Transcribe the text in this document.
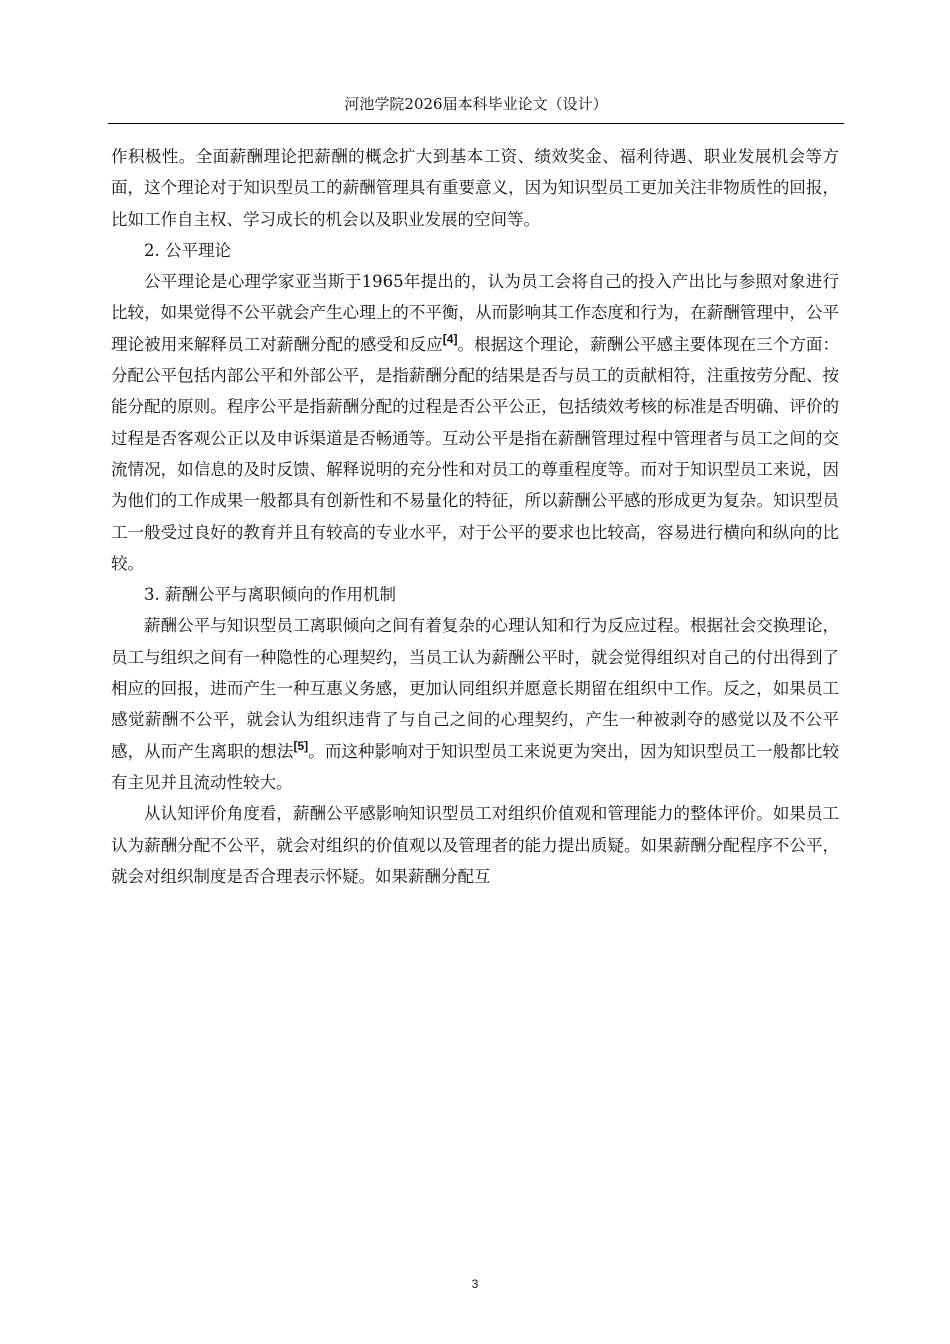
河池学院2026届本科毕业论文（设计）

作积极性。全面薪酬理论把薪酬的概念扩大到基本工资、绩效奖金、福利待遇、职业发展机会等方面，这个理论对于知识型员工的薪酬管理具有重要意义，因为知识型员工更加关注非物质性的回报，比如工作自主权、学习成长的机会以及职业发展的空间等。

2. 公平理论

公平理论是心理学家亚当斯于1965年提出的，认为员工会将自己的投入产出比与参照对象进行比较，如果觉得不公平就会产生心理上的不平衡，从而影响其工作态度和行为，在薪酬管理中，公平理论被用来解释员工对薪酬分配的感受和反应[4]。根据这个理论，薪酬公平感主要体现在三个方面：分配公平包括内部公平和外部公平，是指薪酬分配的结果是否与员工的贡献相符，注重按劳分配、按能分配的原则。程序公平是指薪酬分配的过程是否公平公正，包括绩效考核的标准是否明确、评价的过程是否客观公正以及申诉渠道是否畅通等。互动公平是指在薪酬管理过程中管理者与员工之间的交流情况，如信息的及时反馈、解释说明的充分性和对员工的尊重程度等。而对于知识型员工来说，因为他们的工作成果一般都具有创新性和不易量化的特征，所以薪酬公平感的形成更为复杂。知识型员工一般受过良好的教育并且有较高的专业水平，对于公平的要求也比较高，容易进行横向和纵向的比较。

3. 薪酬公平与离职倾向的作用机制

薪酬公平与知识型员工离职倾向之间有着复杂的心理认知和行为反应过程。根据社会交换理论，员工与组织之间有一种隐性的心理契约，当员工认为薪酬公平时，就会觉得组织对自己的付出得到了相应的回报，进而产生一种互惠义务感，更加认同组织并愿意长期留在组织中工作。反之，如果员工感觉薪酬不公平，就会认为组织违背了与自己之间的心理契约，产生一种被剥夺的感觉以及不公平感，从而产生离职的想法[5]。而这种影响对于知识型员工来说更为突出，因为知识型员工一般都比较有主见并且流动性较大。

从认知评价角度看，薪酬公平感影响知识型员工对组织价值观和管理能力的整体评价。如果员工认为薪酬分配不公平，就会对组织的价值观以及管理者的能力提出质疑。如果薪酬分配程序不公平，就会对组织制度是否合理表示怀疑。如果薪酬分配互

3
